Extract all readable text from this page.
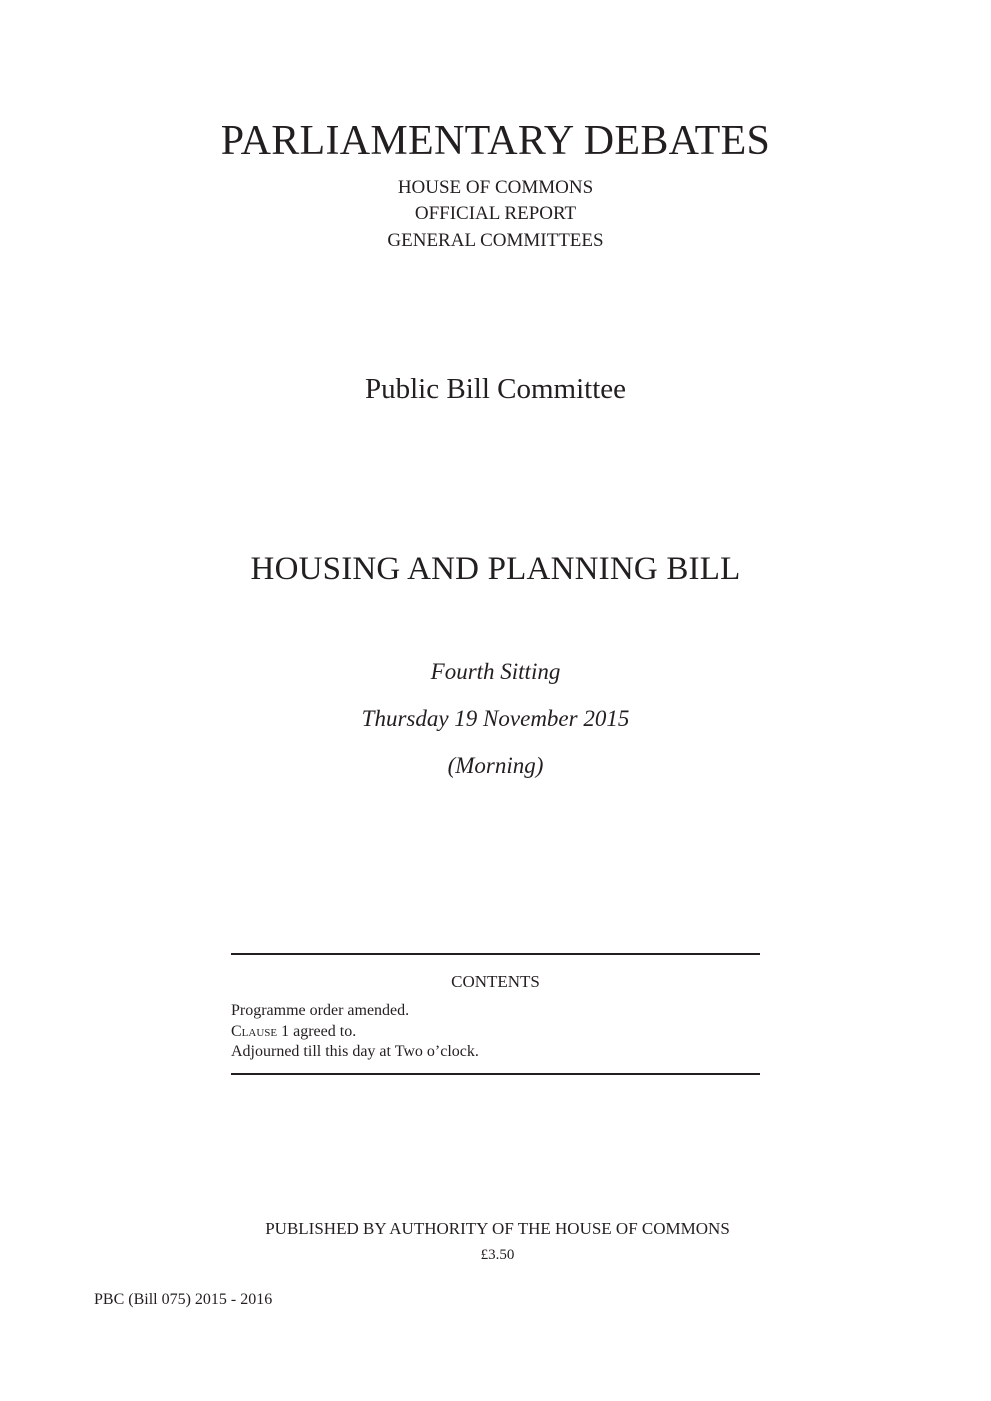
PARLIAMENTARY DEBATES
HOUSE OF COMMONS
OFFICIAL REPORT
GENERAL COMMITTEES
Public Bill Committee
HOUSING AND PLANNING BILL
Fourth Sitting
Thursday 19 November 2015
(Morning)
CONTENTS
Programme order amended.
Clause 1 agreed to.
Adjourned till this day at Two o’clock.
PUBLISHED BY AUTHORITY OF THE HOUSE OF COMMONS
£3.50
PBC (Bill 075) 2015 - 2016
